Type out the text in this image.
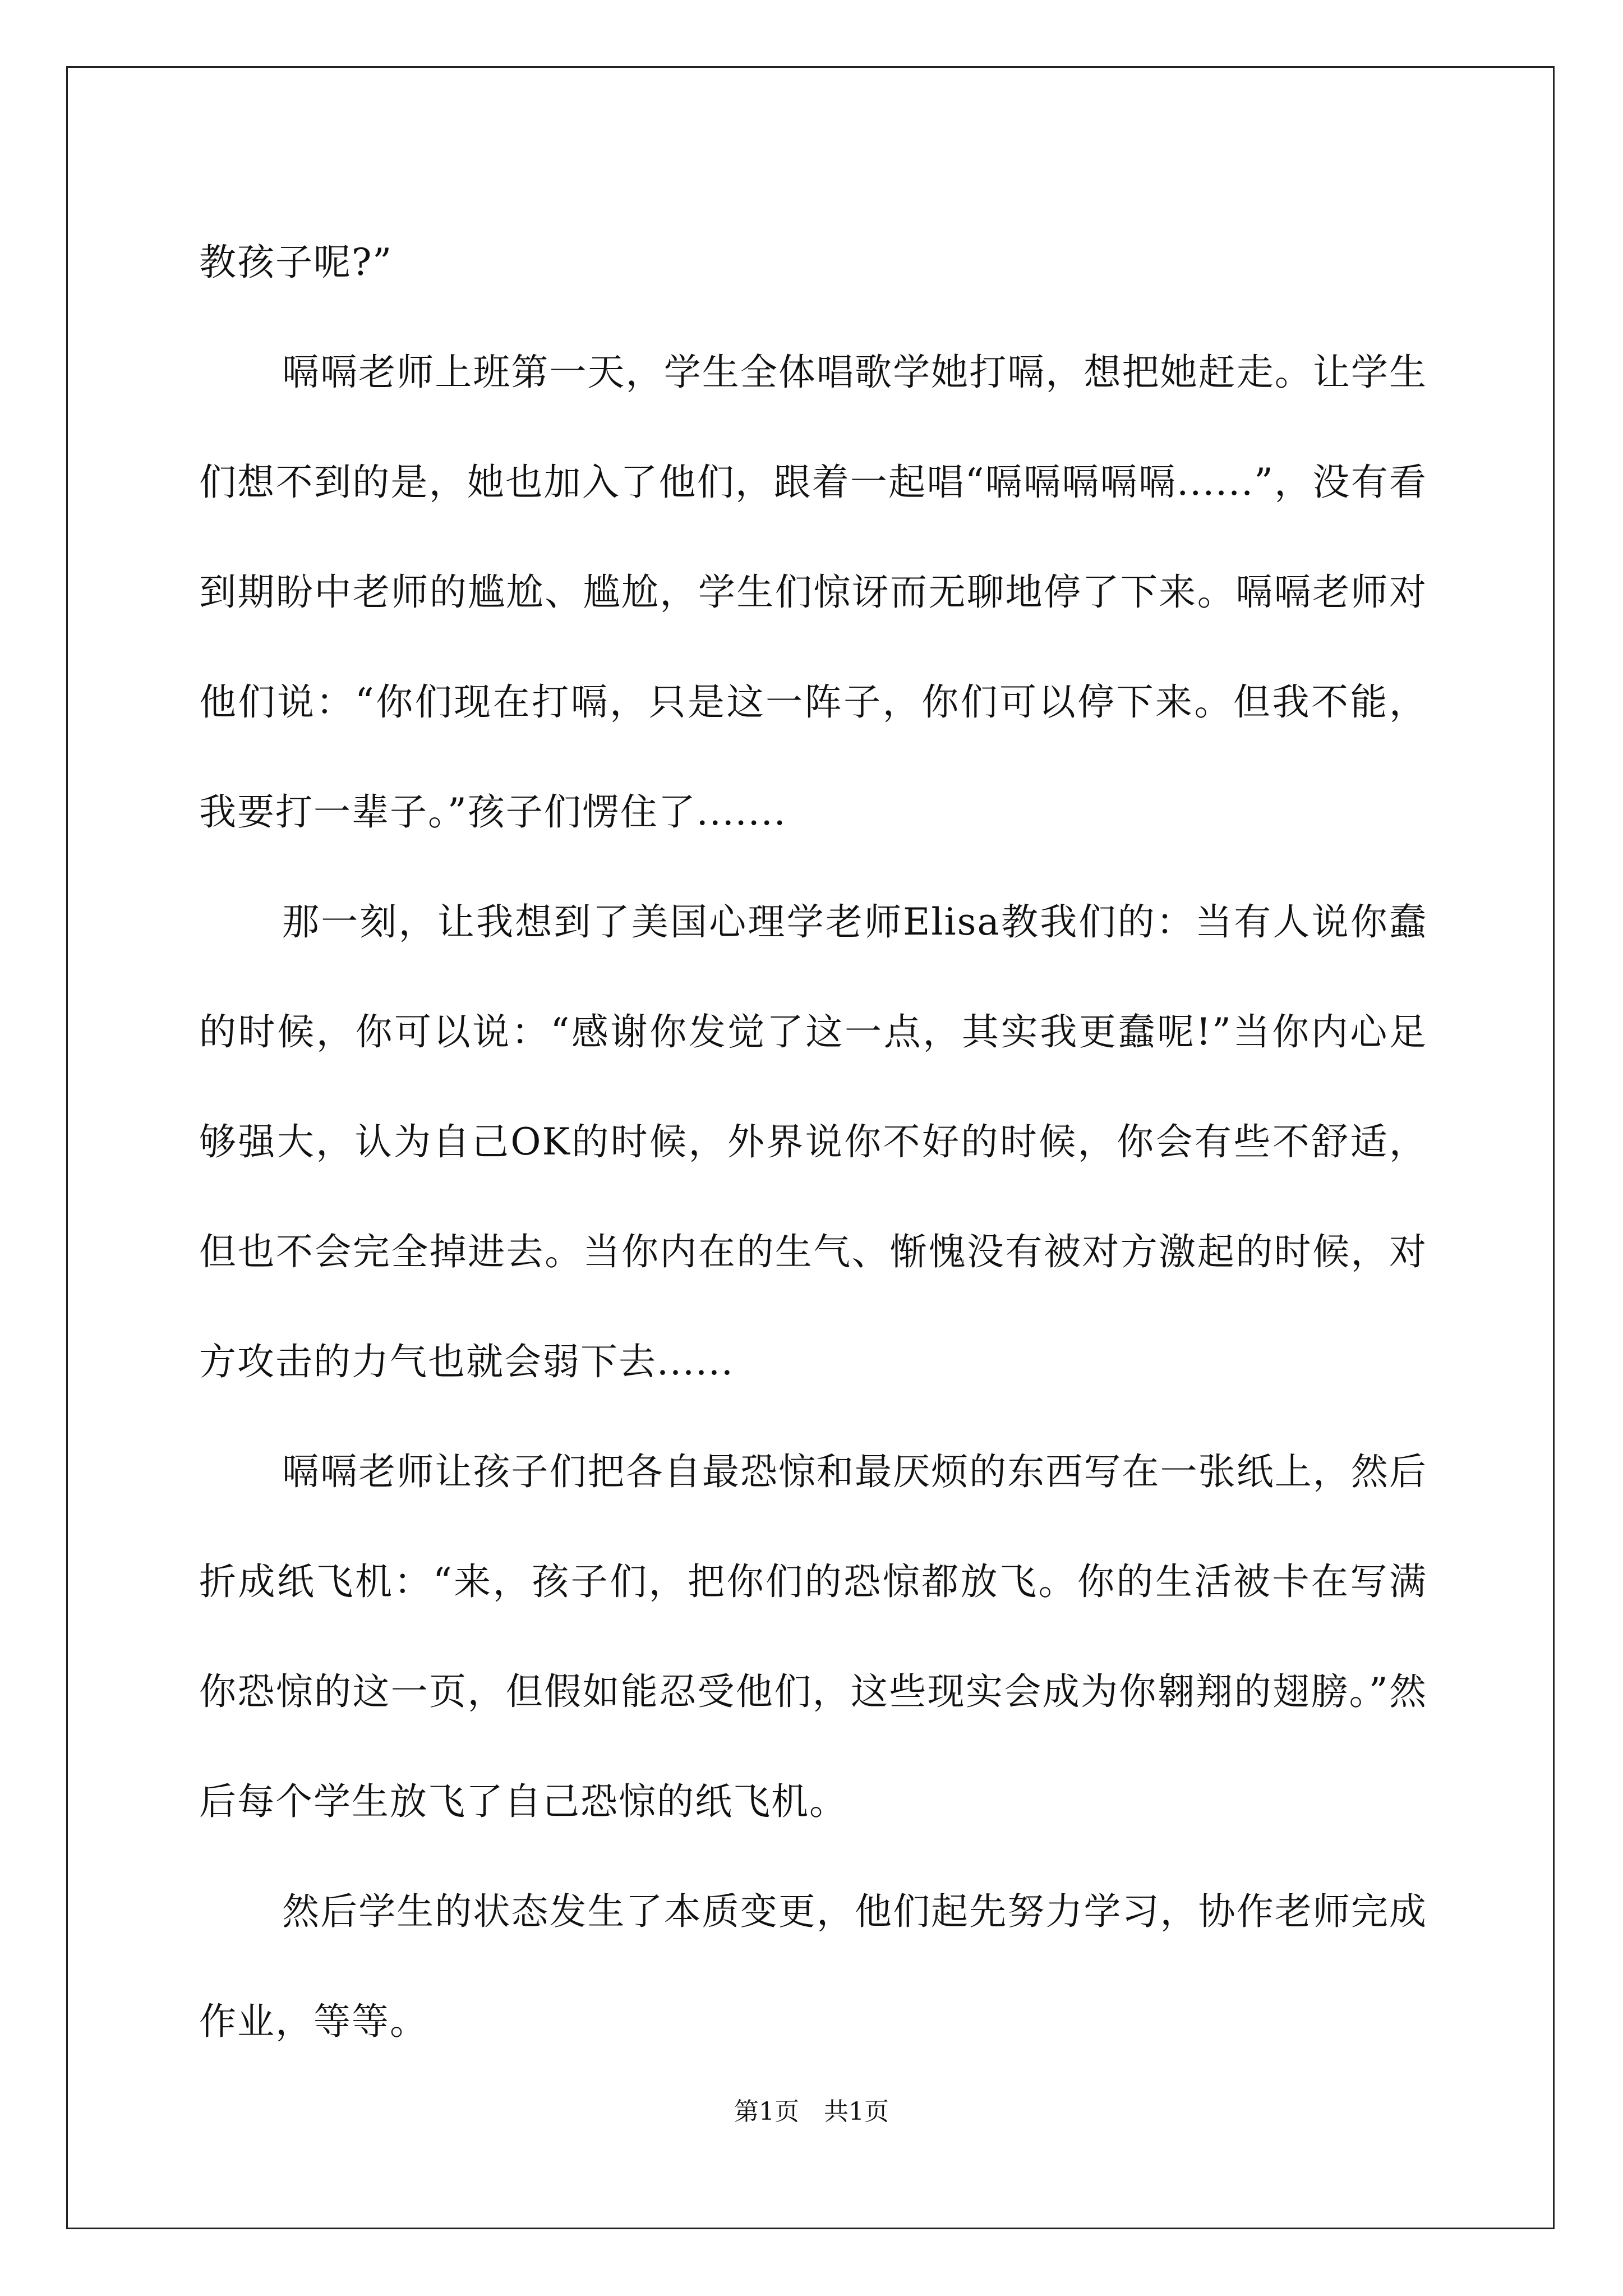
教孩子呢?”

嗝嗝老师上班第一天，学生全体唱歌学她打嗝，想把她赶走。让学生们想不到的是，她也加入了他们，跟着一起唱“嗝嗝嗝嗝嗝......”，没有看到期盼中老师的尴尬、尴尬，学生们惊讶而无聊地停了下来。嗝嗝老师对他们说：“你们现在打嗝，只是这一阵子，你们可以停下来。但我不能，我要打一辈子。”孩子们愣住了.......

那一刻，让我想到了美国心理学老师Elisa教我们的：当有人说你蠢的时候，你可以说：“感谢你发觉了这一点，其实我更蠢呢!”当你内心足够强大，认为自己OK的时候，外界说你不好的时候，你会有些不舒适，但也不会完全掉进去。当你内在的生气、惭愧没有被对方激起的时候，对方攻击的力气也就会弱下去......

嗝嗝老师让孩子们把各自最恐惊和最厌烦的东西写在一张纸上，然后折成纸飞机：“来，孩子们，把你们的恐惊都放飞。你的生活被卡在写满你恐惊的这一页，但假如能忍受他们，这些现实会成为你翱翔的翅膀。”然后每个学生放飞了自己恐惊的纸飞机。

然后学生的状态发生了本质变更，他们起先努力学习，协作老师完成作业，等等。

第1页　共1页
